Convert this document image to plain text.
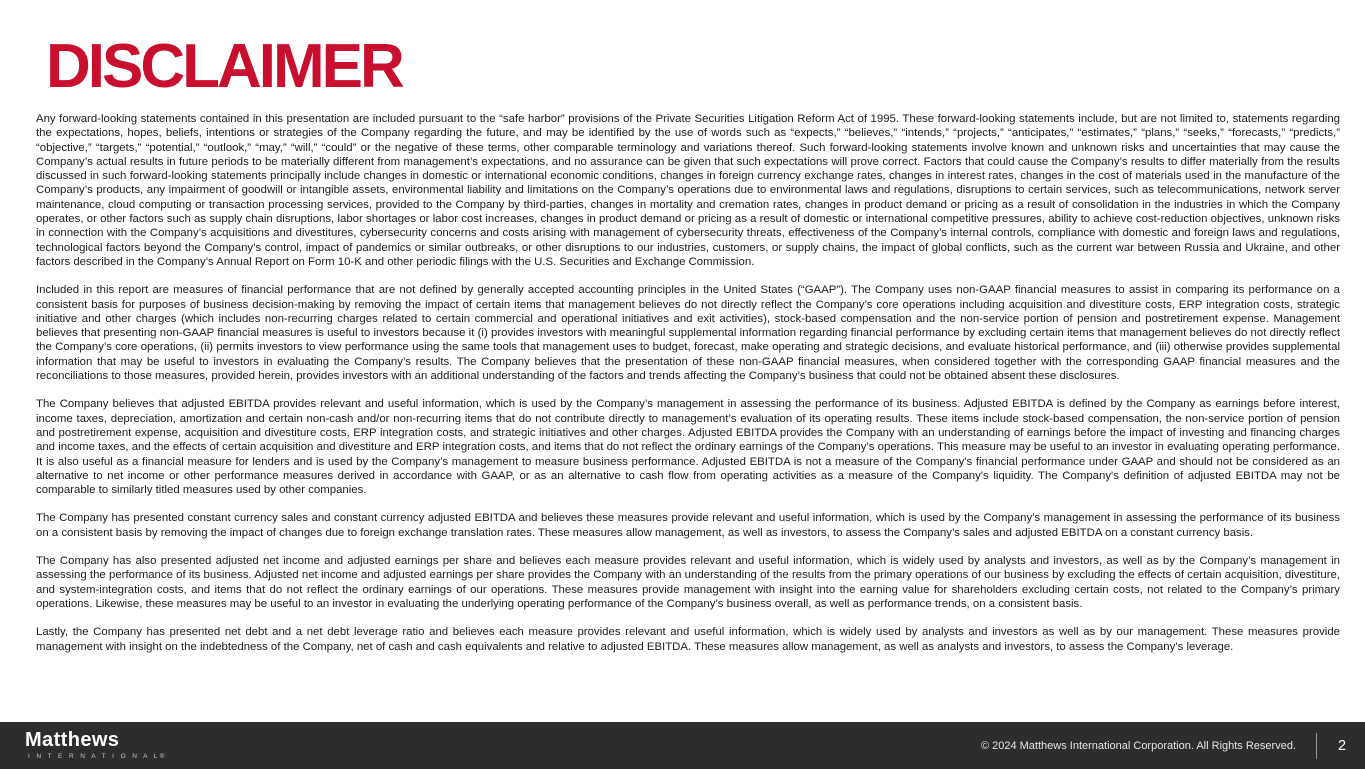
DISCLAIMER

Any forward-looking statements contained in this presentation are included pursuant to the “safe harbor” provisions of the Private Securities Litigation Reform Act of 1995. These forward-looking statements include, but are not limited to, statements regarding the expectations, hopes, beliefs, intentions or strategies of the Company regarding the future, and may be identified by the use of words such as “expects,” “believes,” “intends,” “projects,” “anticipates,” “estimates,” “plans,” “seeks,” “forecasts,” “predicts,” “objective,” “targets,” “potential,” “outlook,” “may,” “will,” “could” or the negative of these terms, other comparable terminology and variations thereof. Such forward-looking statements involve known and unknown risks and uncertainties that may cause the Company’s actual results in future periods to be materially different from management’s expectations, and no assurance can be given that such expectations will prove correct. Factors that could cause the Company’s results to differ materially from the results discussed in such forward-looking statements principally include changes in domestic or international economic conditions, changes in foreign currency exchange rates, changes in interest rates, changes in the cost of materials used in the manufacture of the Company’s products, any impairment of goodwill or intangible assets, environmental liability and limitations on the Company’s operations due to environmental laws and regulations, disruptions to certain services, such as telecommunications, network server maintenance, cloud computing or transaction processing services, provided to the Company by third-parties, changes in mortality and cremation rates, changes in product demand or pricing as a result of consolidation in the industries in which the Company operates, or other factors such as supply chain disruptions, labor shortages or labor cost increases, changes in product demand or pricing as a result of domestic or international competitive pressures, ability to achieve cost-reduction objectives, unknown risks in connection with the Company’s acquisitions and divestitures, cybersecurity concerns and costs arising with management of cybersecurity threats, effectiveness of the Company’s internal controls, compliance with domestic and foreign laws and regulations, technological factors beyond the Company’s control, impact of pandemics or similar outbreaks, or other disruptions to our industries, customers, or supply chains, the impact of global conflicts, such as the current war between Russia and Ukraine, and other factors described in the Company’s Annual Report on Form 10-K and other periodic filings with the U.S. Securities and Exchange Commission.

Included in this report are measures of financial performance that are not defined by generally accepted accounting principles in the United States (“GAAP”). The Company uses non-GAAP financial measures to assist in comparing its performance on a consistent basis for purposes of business decision-making by removing the impact of certain items that management believes do not directly reflect the Company’s core operations including acquisition and divestiture costs, ERP integration costs, strategic initiative and other charges (which includes non-recurring charges related to certain commercial and operational initiatives and exit activities), stock-based compensation and the non-service portion of pension and postretirement expense. Management believes that presenting non-GAAP financial measures is useful to investors because it (i) provides investors with meaningful supplemental information regarding financial performance by excluding certain items that management believes do not directly reflect the Company’s core operations, (ii) permits investors to view performance using the same tools that management uses to budget, forecast, make operating and strategic decisions, and evaluate historical performance, and (iii) otherwise provides supplemental information that may be useful to investors in evaluating the Company’s results. The Company believes that the presentation of these non-GAAP financial measures, when considered together with the corresponding GAAP financial measures and the reconciliations to those measures, provided herein, provides investors with an additional understanding of the factors and trends affecting the Company’s business that could not be obtained absent these disclosures.

The Company believes that adjusted EBITDA provides relevant and useful information, which is used by the Company’s management in assessing the performance of its business. Adjusted EBITDA is defined by the Company as earnings before interest, income taxes, depreciation, amortization and certain non-cash and/or non-recurring items that do not contribute directly to management’s evaluation of its operating results. These items include stock-based compensation, the non-service portion of pension and postretirement expense, acquisition and divestiture costs, ERP integration costs, and strategic initiatives and other charges. Adjusted EBITDA provides the Company with an understanding of earnings before the impact of investing and financing charges and income taxes, and the effects of certain acquisition and divestiture and ERP integration costs, and items that do not reflect the ordinary earnings of the Company’s operations. This measure may be useful to an investor in evaluating operating performance. It is also useful as a financial measure for lenders and is used by the Company’s management to measure business performance. Adjusted EBITDA is not a measure of the Company's financial performance under GAAP and should not be considered as an alternative to net income or other performance measures derived in accordance with GAAP, or as an alternative to cash flow from operating activities as a measure of the Company's liquidity. The Company's definition of adjusted EBITDA may not be comparable to similarly titled measures used by other companies.

The Company has presented constant currency sales and constant currency adjusted EBITDA and believes these measures provide relevant and useful information, which is used by the Company's management in assessing the performance of its business on a consistent basis by removing the impact of changes due to foreign exchange translation rates. These measures allow management, as well as investors, to assess the Company’s sales and adjusted EBITDA on a constant currency basis.

The Company has also presented adjusted net income and adjusted earnings per share and believes each measure provides relevant and useful information, which is widely used by analysts and investors, as well as by the Company’s management in assessing the performance of its business. Adjusted net income and adjusted earnings per share provides the Company with an understanding of the results from the primary operations of our business by excluding the effects of certain acquisition, divestiture, and system-integration costs, and items that do not reflect the ordinary earnings of our operations. These measures provide management with insight into the earning value for shareholders excluding certain costs, not related to the Company’s primary operations. Likewise, these measures may be useful to an investor in evaluating the underlying operating performance of the Company’s business overall, as well as performance trends, on a consistent basis.

Lastly, the Company has presented net debt and a net debt leverage ratio and believes each measure provides relevant and useful information, which is widely used by analysts and investors as well as by our management. These measures provide management with insight on the indebtedness of the Company, net of cash and cash equivalents and relative to adjusted EBITDA. These measures allow management, as well as analysts and investors, to assess the Company’s leverage.

Matthews
I N T E R N A T I O N A L®
© 2024 Matthews International Corporation. All Rights Reserved.	2
